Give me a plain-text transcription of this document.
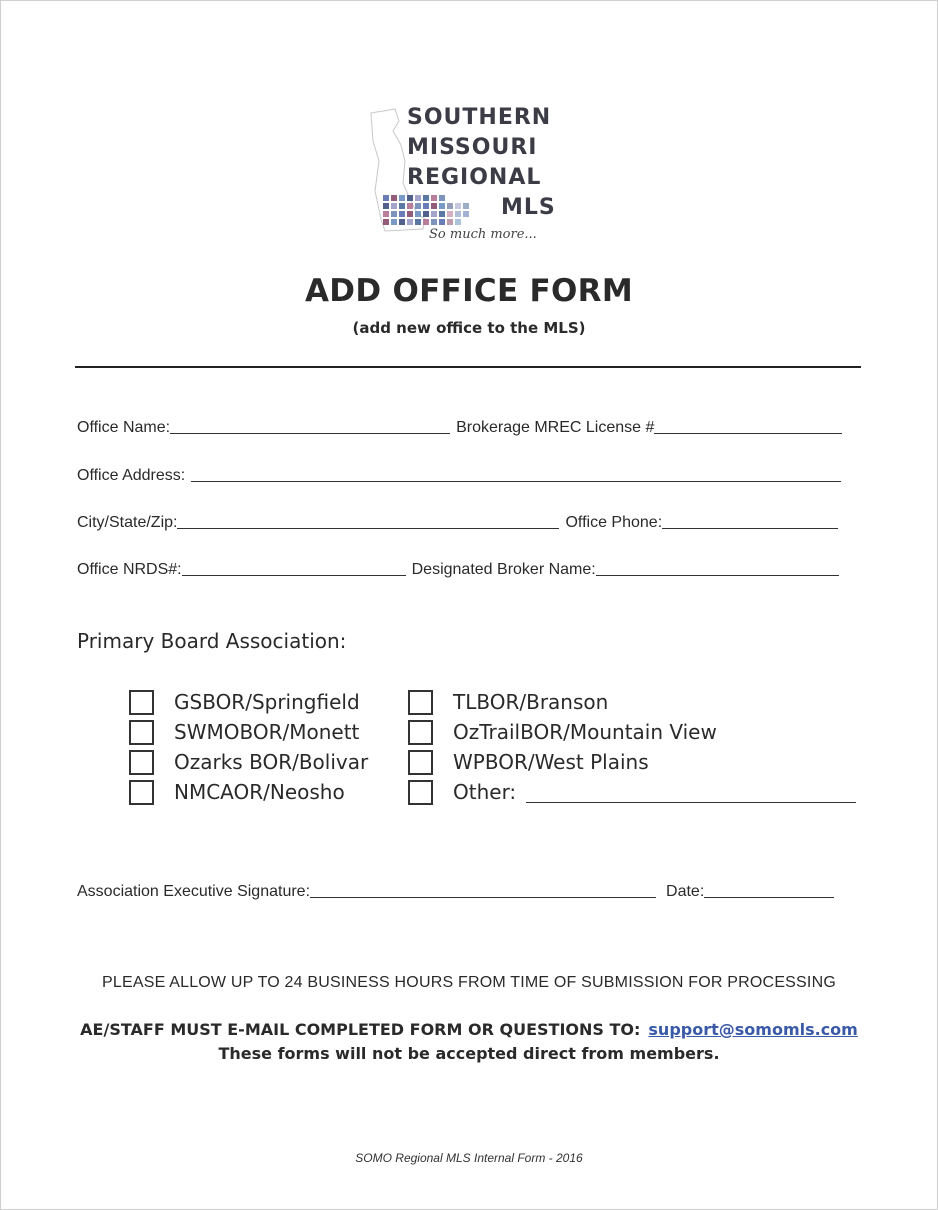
SOUTHERN
MISSOURI
REGIONAL
MLS
So much more...
ADD OFFICE FORM
(add new office to the MLS)
Office Name:	Brokerage MREC License #
Office Address:
City/State/Zip:	Office Phone:
Office NRDS#:	Designated Broker Name:
Primary Board Association:
GSBOR/Springfield
SWMOBOR/Monett
Ozarks BOR/Bolivar
NMCAOR/Neosho
TLBOR/Branson
OzTrailBOR/Mountain View
WPBOR/West Plains
Other:
Association Executive Signature:	Date:
PLEASE ALLOW UP TO 24 BUSINESS HOURS FROM TIME OF SUBMISSION FOR PROCESSING
AE/STAFF MUST E-MAIL COMPLETED FORM OR QUESTIONS TO: support@somomls.com
These forms will not be accepted direct from members.
SOMO Regional MLS Internal Form - 2016
